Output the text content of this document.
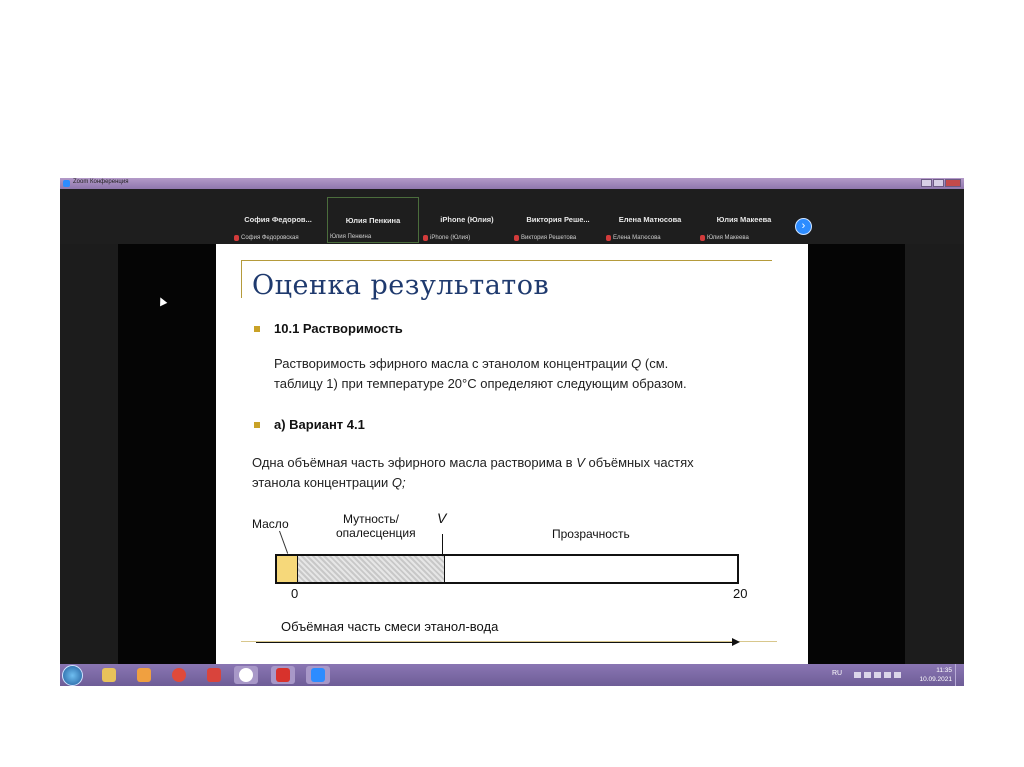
Zoom Конференция
София Федоров...
София Федоровская
Юлия Пенкина
Юлия Пенкина
iPhone (Юлия)
iPhone (Юлия)
Виктория Реше...
Виктория Решетова
Елена Матюсова
Елена Матюсова
Юлия Макеева
Юлия Макеева
›
Оценка результатов
10.1 Растворимость
Растворимость эфирного масла с этанолом концентрации Q (см.
таблицу 1) при температуре 20°C определяют следующим образом.
а) Вариант 4.1
Одна объёмная часть эфирного масла растворима в V объёмных частях
этанола концентрации Q;
Масло	Мутность/
опалесценция
V
Прозрачность
0	20
Объёмная часть смеси этанол-вода
RU	11:35
10.09.2021
